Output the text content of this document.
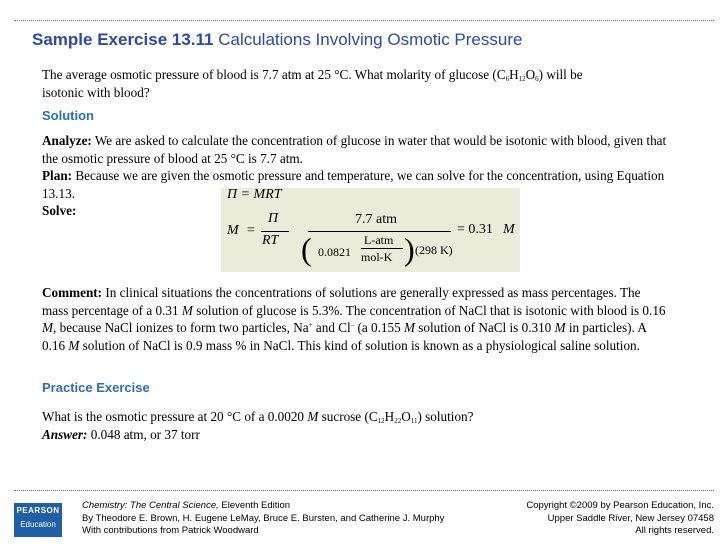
Sample Exercise 13.11 Calculations Involving Osmotic Pressure
The average osmotic pressure of blood is 7.7 atm at 25 °C. What molarity of glucose $(C_6H_{12}O_6)$ will be
isotonic with blood?
Solution
Analyze: We are asked to calculate the concentration of glucose in water that would be isotonic with blood, given that the osmotic pressure of blood at 25 °C is 7.7 atm.
Plan: Because we are given the osmotic pressure and temperature, we can solve for the concentration, using Equation 13.13.
Solve:
Π = MRT
M =
Π
RT
7.7 atm
( 0.0821
L-atm
mol-K ) (298 K)
= 0.31 M
Comment: In clinical situations the concentrations of solutions are generally expressed as mass percentages. The mass percentage of a 0.31 M solution of glucose is 5.3%. The concentration of NaCl that is isotonic with blood is 0.16 M, because NaCl ionizes to form two particles, Na+ and Cl– (a 0.155 M solution of NaCl is 0.310 M in particles). A 0.16 M solution of NaCl is 0.9 mass % in NaCl. This kind of solution is known as a physiological saline solution.
Practice Exercise
What is the osmotic pressure at 20 °C of a 0.0020 M sucrose $(C_{12}H_{22}O_{11})$ solution?
Answer: 0.048 atm, or 37 torr
PEARSON
Education
Chemistry: The Central Science, Eleventh Edition
By Theodore E. Brown, H. Eugene LeMay, Bruce E. Bursten, and Catherine J. Murphy
With contributions from Patrick Woodward
Copyright ©2009 by Pearson Education, Inc.
Upper Saddle River, New Jersey 07458
All rights reserved.
